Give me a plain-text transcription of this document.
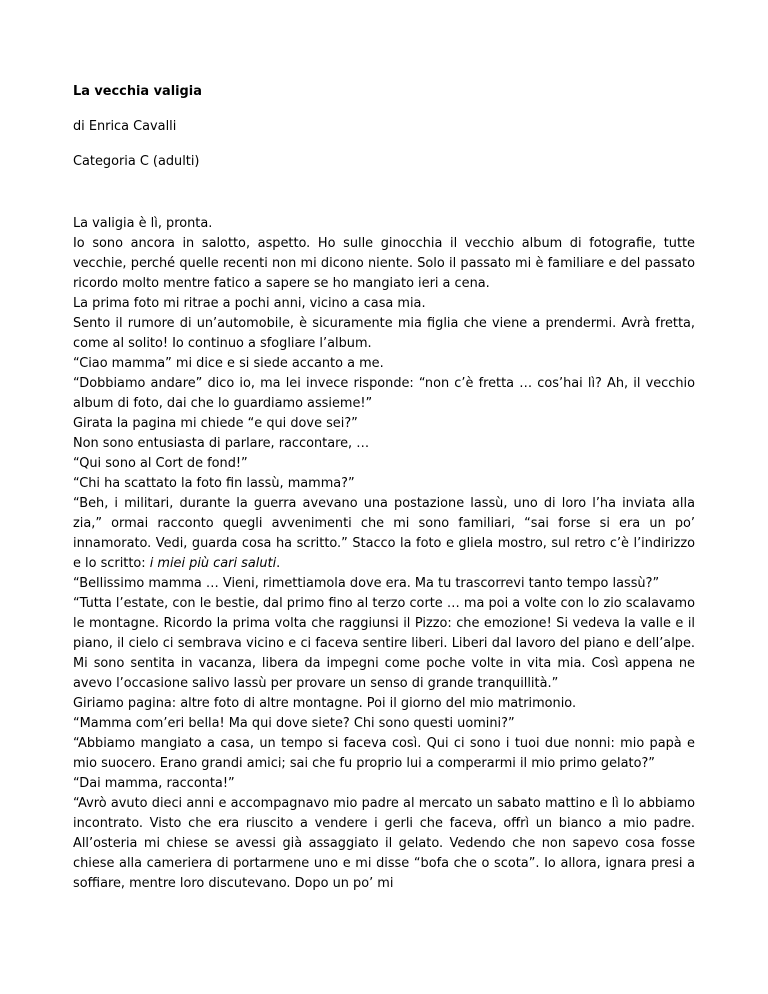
La vecchia valigia

di Enrica Cavalli

Categoria C (adulti)

La valigia è lì, pronta.

Io sono ancora in salotto, aspetto. Ho sulle ginocchia il vecchio album di fotografie, tutte vecchie, perché quelle recenti non mi dicono niente. Solo il passato mi è familiare e del passato ricordo molto mentre fatico a sapere se ho mangiato ieri a cena.

La prima foto mi ritrae a pochi anni, vicino a casa mia.

Sento il rumore di un’automobile, è sicuramente mia figlia che viene a prendermi. Avrà fretta, come al solito! Io continuo a sfogliare l’album.

“Ciao mamma” mi dice e si siede accanto a me.

“Dobbiamo andare” dico io, ma lei invece risponde: “non c’è fretta … cos’hai lì? Ah, il vecchio album di foto, dai che lo guardiamo assieme!”

Girata la pagina mi chiede “e qui dove sei?”

Non sono entusiasta di parlare, raccontare, …

“Qui sono al Cort de fond!”

“Chi ha scattato la foto fin lassù, mamma?”

“Beh, i militari, durante la guerra avevano una postazione lassù, uno di loro l’ha inviata alla zia,” ormai racconto quegli avvenimenti che mi sono familiari, “sai forse si era un po’ innamorato. Vedi, guarda cosa ha scritto.” Stacco la foto e gliela mostro, sul retro c’è l’indirizzo e lo scritto: i miei più cari saluti.

“Bellissimo mamma … Vieni, rimettiamola dove era. Ma tu trascorrevi tanto tempo lassù?”

“Tutta l’estate, con le bestie, dal primo fino al terzo corte … ma poi a volte con lo zio scalavamo le montagne. Ricordo la prima volta che raggiunsi il Pizzo: che emozione! Si vedeva la valle e il piano, il cielo ci sembrava vicino e ci faceva sentire liberi. Liberi dal lavoro del piano e dell’alpe. Mi sono sentita in vacanza, libera da impegni come poche volte in vita mia. Così appena ne avevo l’occasione salivo lassù per provare un senso di grande tranquillità.”

Giriamo pagina: altre foto di altre montagne. Poi il giorno del mio matrimonio.

“Mamma com’eri bella! Ma qui dove siete? Chi sono questi uomini?”

“Abbiamo mangiato a casa, un tempo si faceva così. Qui ci sono i tuoi due nonni: mio papà e mio suocero. Erano grandi amici; sai che fu proprio lui a comperarmi il mio primo gelato?”

“Dai mamma, racconta!”

“Avrò avuto dieci anni e accompagnavo mio padre al mercato un sabato mattino e lì lo abbiamo incontrato. Visto che era riuscito a vendere i gerli che faceva, offrì un bianco a mio padre. All’osteria mi chiese se avessi già assaggiato il gelato. Vedendo che non sapevo cosa fosse chiese alla cameriera di portarmene uno e mi disse “bofa che o scota”. Io allora, ignara presi a soffiare, mentre loro discutevano. Dopo un po’ mi
